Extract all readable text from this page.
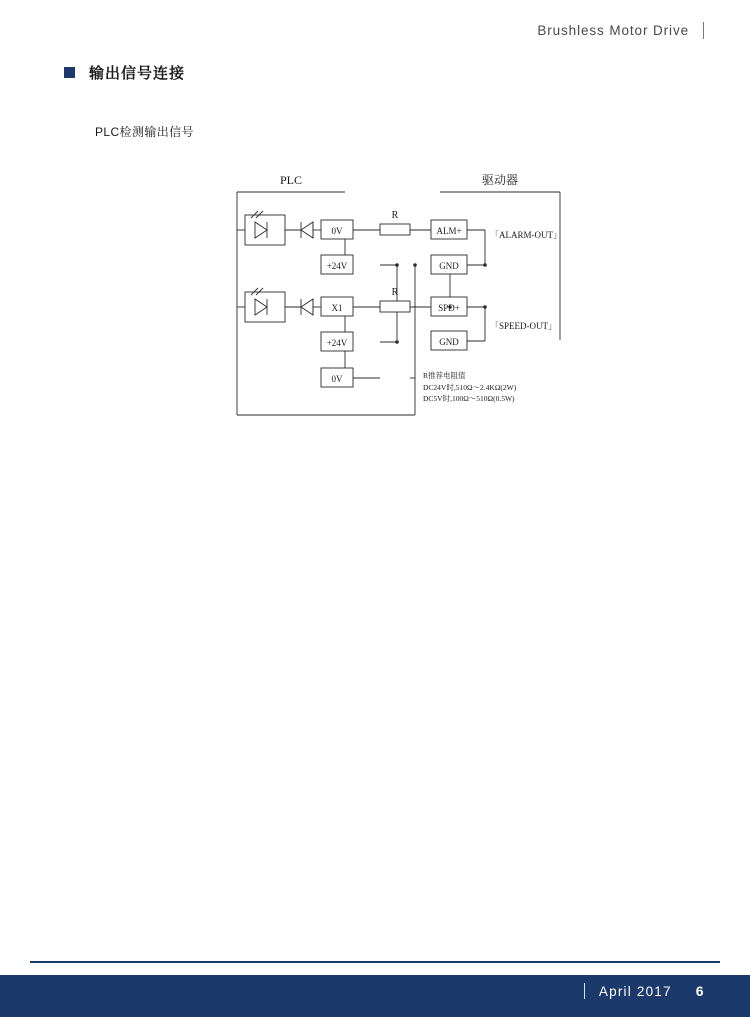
Brushless Motor Drive
输出信号连接
PLC检测输出信号
PLC	驱动器
0V
+24V
X1
+24V
0V
ALM+
GND
SPD+
GND
R
R
「ALARM-OUT」
「SPEED-OUT」
R推荐电阻值
DC24V时,510Ω～2.4KΩ(2W)
DC5V时,100Ω～510Ω(0.5W)
April 2017 6
